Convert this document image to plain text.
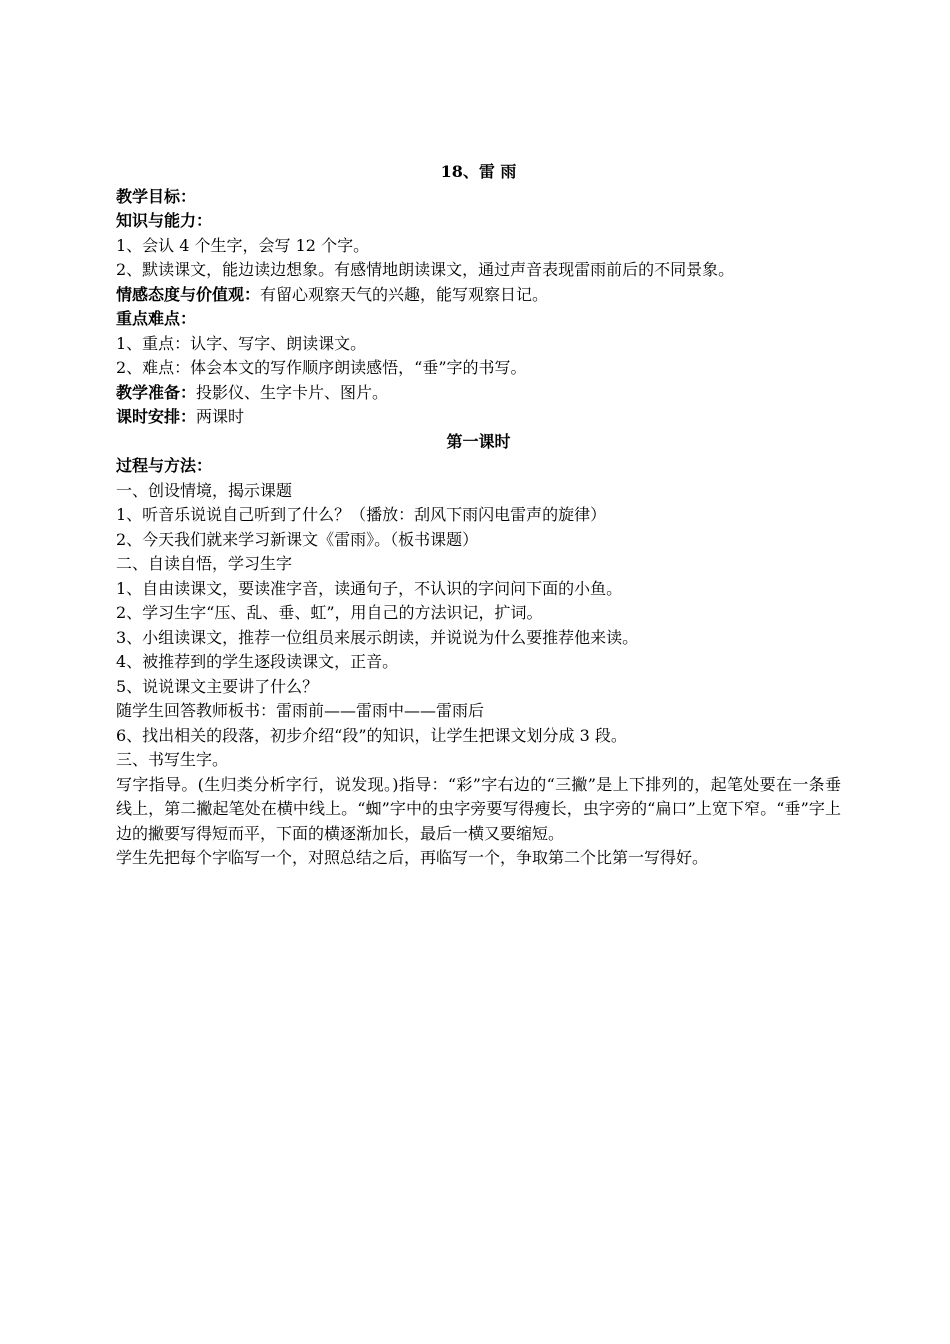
18、雷 雨
教学目标：
知识与能力：
1、会认 4 个生字，会写 12 个字。
2、默读课文，能边读边想象。有感情地朗读课文，通过声音表现雷雨前后的不同景象。
情感态度与价值观：有留心观察天气的兴趣，能写观察日记。
重点难点：
1、重点：认字、写字、朗读课文。
2、难点：体会本文的写作顺序朗读感悟，“垂”字的书写。
教学准备：投影仪、生字卡片、图片。
课时安排：两课时
第一课时
过程与方法：
一、创设情境，揭示课题
1、听音乐说说自己听到了什么？（播放：刮风下雨闪电雷声的旋律）
2、今天我们就来学习新课文《雷雨》。（板书课题）
二、自读自悟，学习生字
1、自由读课文，要读准字音，读通句子，不认识的字问问下面的小鱼。
2、学习生字“压、乱、垂、虹”，用自己的方法识记，扩词。
3、小组读课文，推荐一位组员来展示朗读，并说说为什么要推荐他来读。
4、被推荐到的学生逐段读课文，正音。
5、说说课文主要讲了什么？
随学生回答教师板书：雷雨前——雷雨中——雷雨后
6、找出相关的段落，初步介绍“段”的知识，让学生把课文划分成 3 段。
三、书写生字。
写字指导。(生归类分析字行，说发现。)指导：“彩”字右边的“三撇”是上下排列的，起笔处要在一条垂线上，第二撇起笔处在横中线上。“蜘”字中的虫字旁要写得瘦长，虫字旁的“扁口”上宽下窄。“垂”字上边的撇要写得短而平，下面的横逐渐加长，最后一横又要缩短。
学生先把每个字临写一个，对照总结之后，再临写一个，争取第二个比第一写得好。
